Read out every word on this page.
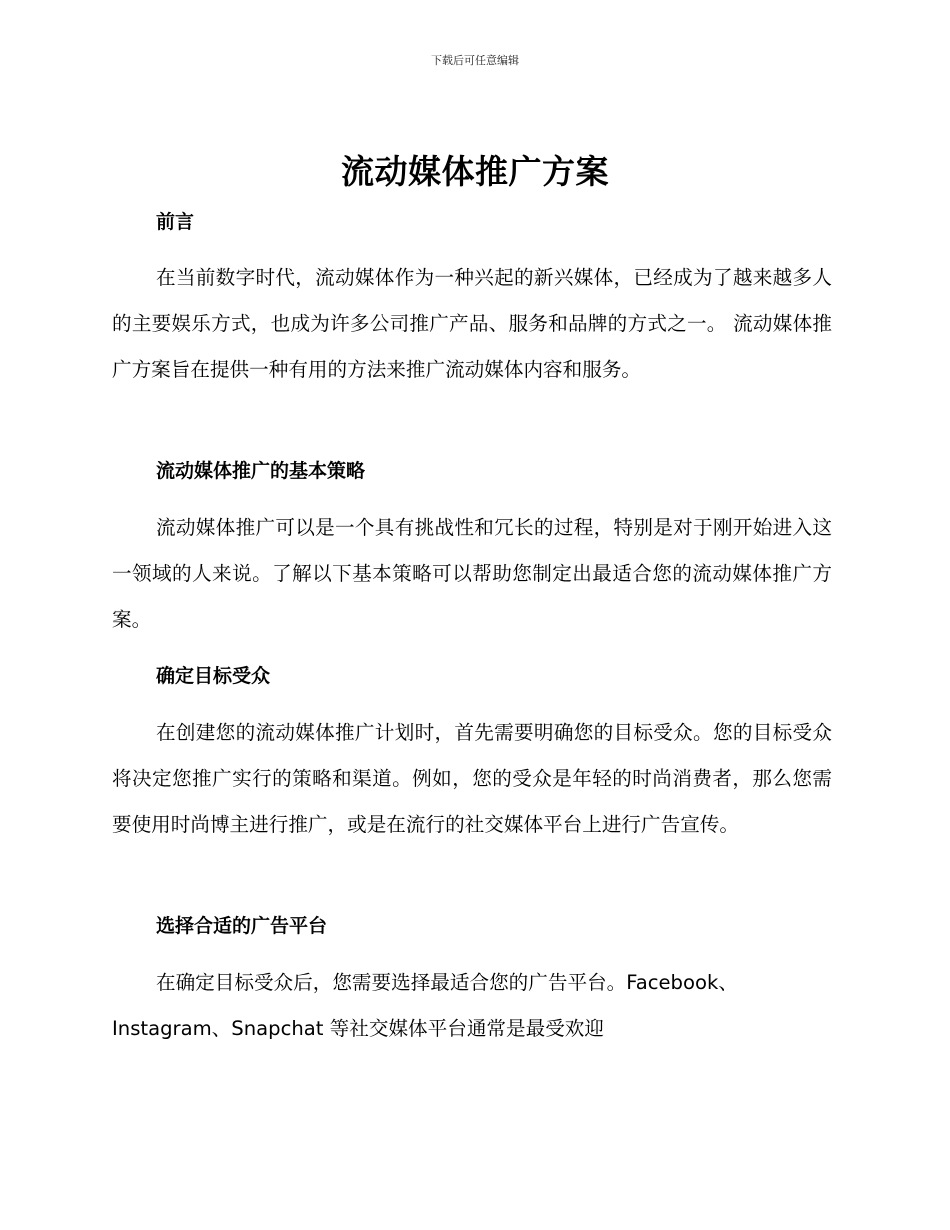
下载后可任意编辑
流动媒体推广方案
前言

在当前数字时代，流动媒体作为一种兴起的新兴媒体，已经成为了越来越多人的主要娱乐方式，也成为许多公司推广产品、服务和品牌的方式之一。 流动媒体推广方案旨在提供一种有用的方法来推广流动媒体内容和服务。

流动媒体推广的基本策略

流动媒体推广可以是一个具有挑战性和冗长的过程，特别是对于刚开始进入这一领域的人来说。了解以下基本策略可以帮助您制定出最适合您的流动媒体推广方案。

确定目标受众

在创建您的流动媒体推广计划时，首先需要明确您的目标受众。您的目标受众将决定您推广实行的策略和渠道。例如，您的受众是年轻的时尚消费者，那么您需要使用时尚博主进行推广，或是在流行的社交媒体平台上进行广告宣传。

选择合适的广告平台

在确定目标受众后，您需要选择最适合您的广告平台。Facebook、Instagram、Snapchat 等社交媒体平台通常是最受欢迎
